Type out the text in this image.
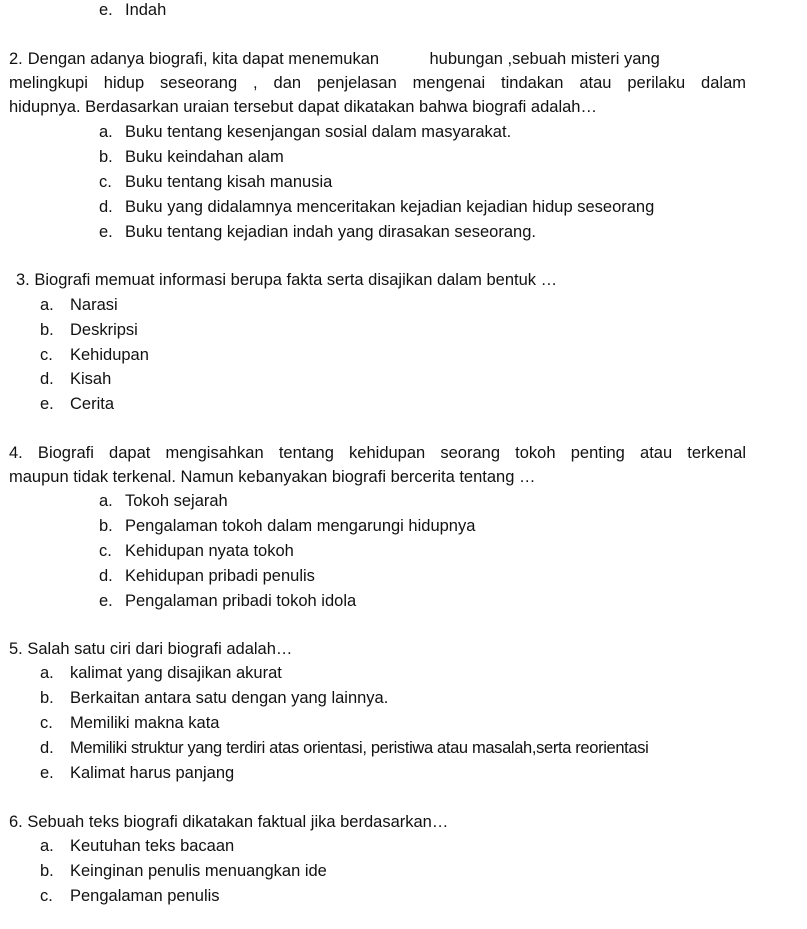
e. Indah
2. Dengan adanya biografi, kita dapat menemukan           hubungan ,sebuah misteri yang
melingkupi hidup seseorang , dan penjelasan mengenai tindakan atau perilaku dalam
hidupnya. Berdasarkan uraian tersebut dapat dikatakan bahwa biografi adalah…
a. Buku tentang kesenjangan sosial dalam masyarakat.
b. Buku keindahan alam
c. Buku tentang kisah manusia
d. Buku yang didalamnya menceritakan kejadian kejadian hidup seseorang
e. Buku tentang kejadian indah yang dirasakan seseorang.
3. Biografi memuat informasi berupa fakta serta disajikan dalam bentuk …
a. Narasi
b. Deskripsi
c. Kehidupan
d. Kisah
e. Cerita
4. Biografi dapat mengisahkan tentang kehidupan seorang tokoh penting atau terkenal
maupun tidak terkenal. Namun kebanyakan biografi bercerita tentang …
a. Tokoh sejarah
b. Pengalaman tokoh dalam mengarungi hidupnya
c. Kehidupan nyata tokoh
d. Kehidupan pribadi penulis
e. Pengalaman pribadi tokoh idola
5. Salah satu ciri dari biografi adalah…
a. kalimat yang disajikan akurat
b. Berkaitan antara satu dengan yang lainnya.
c. Memiliki makna kata
d. Memiliki struktur yang terdiri atas orientasi, peristiwa atau masalah,serta reorientasi
e. Kalimat harus panjang
6. Sebuah teks biografi dikatakan faktual jika berdasarkan…
a. Keutuhan teks bacaan
b. Keinginan penulis menuangkan ide
c. Pengalaman penulis
